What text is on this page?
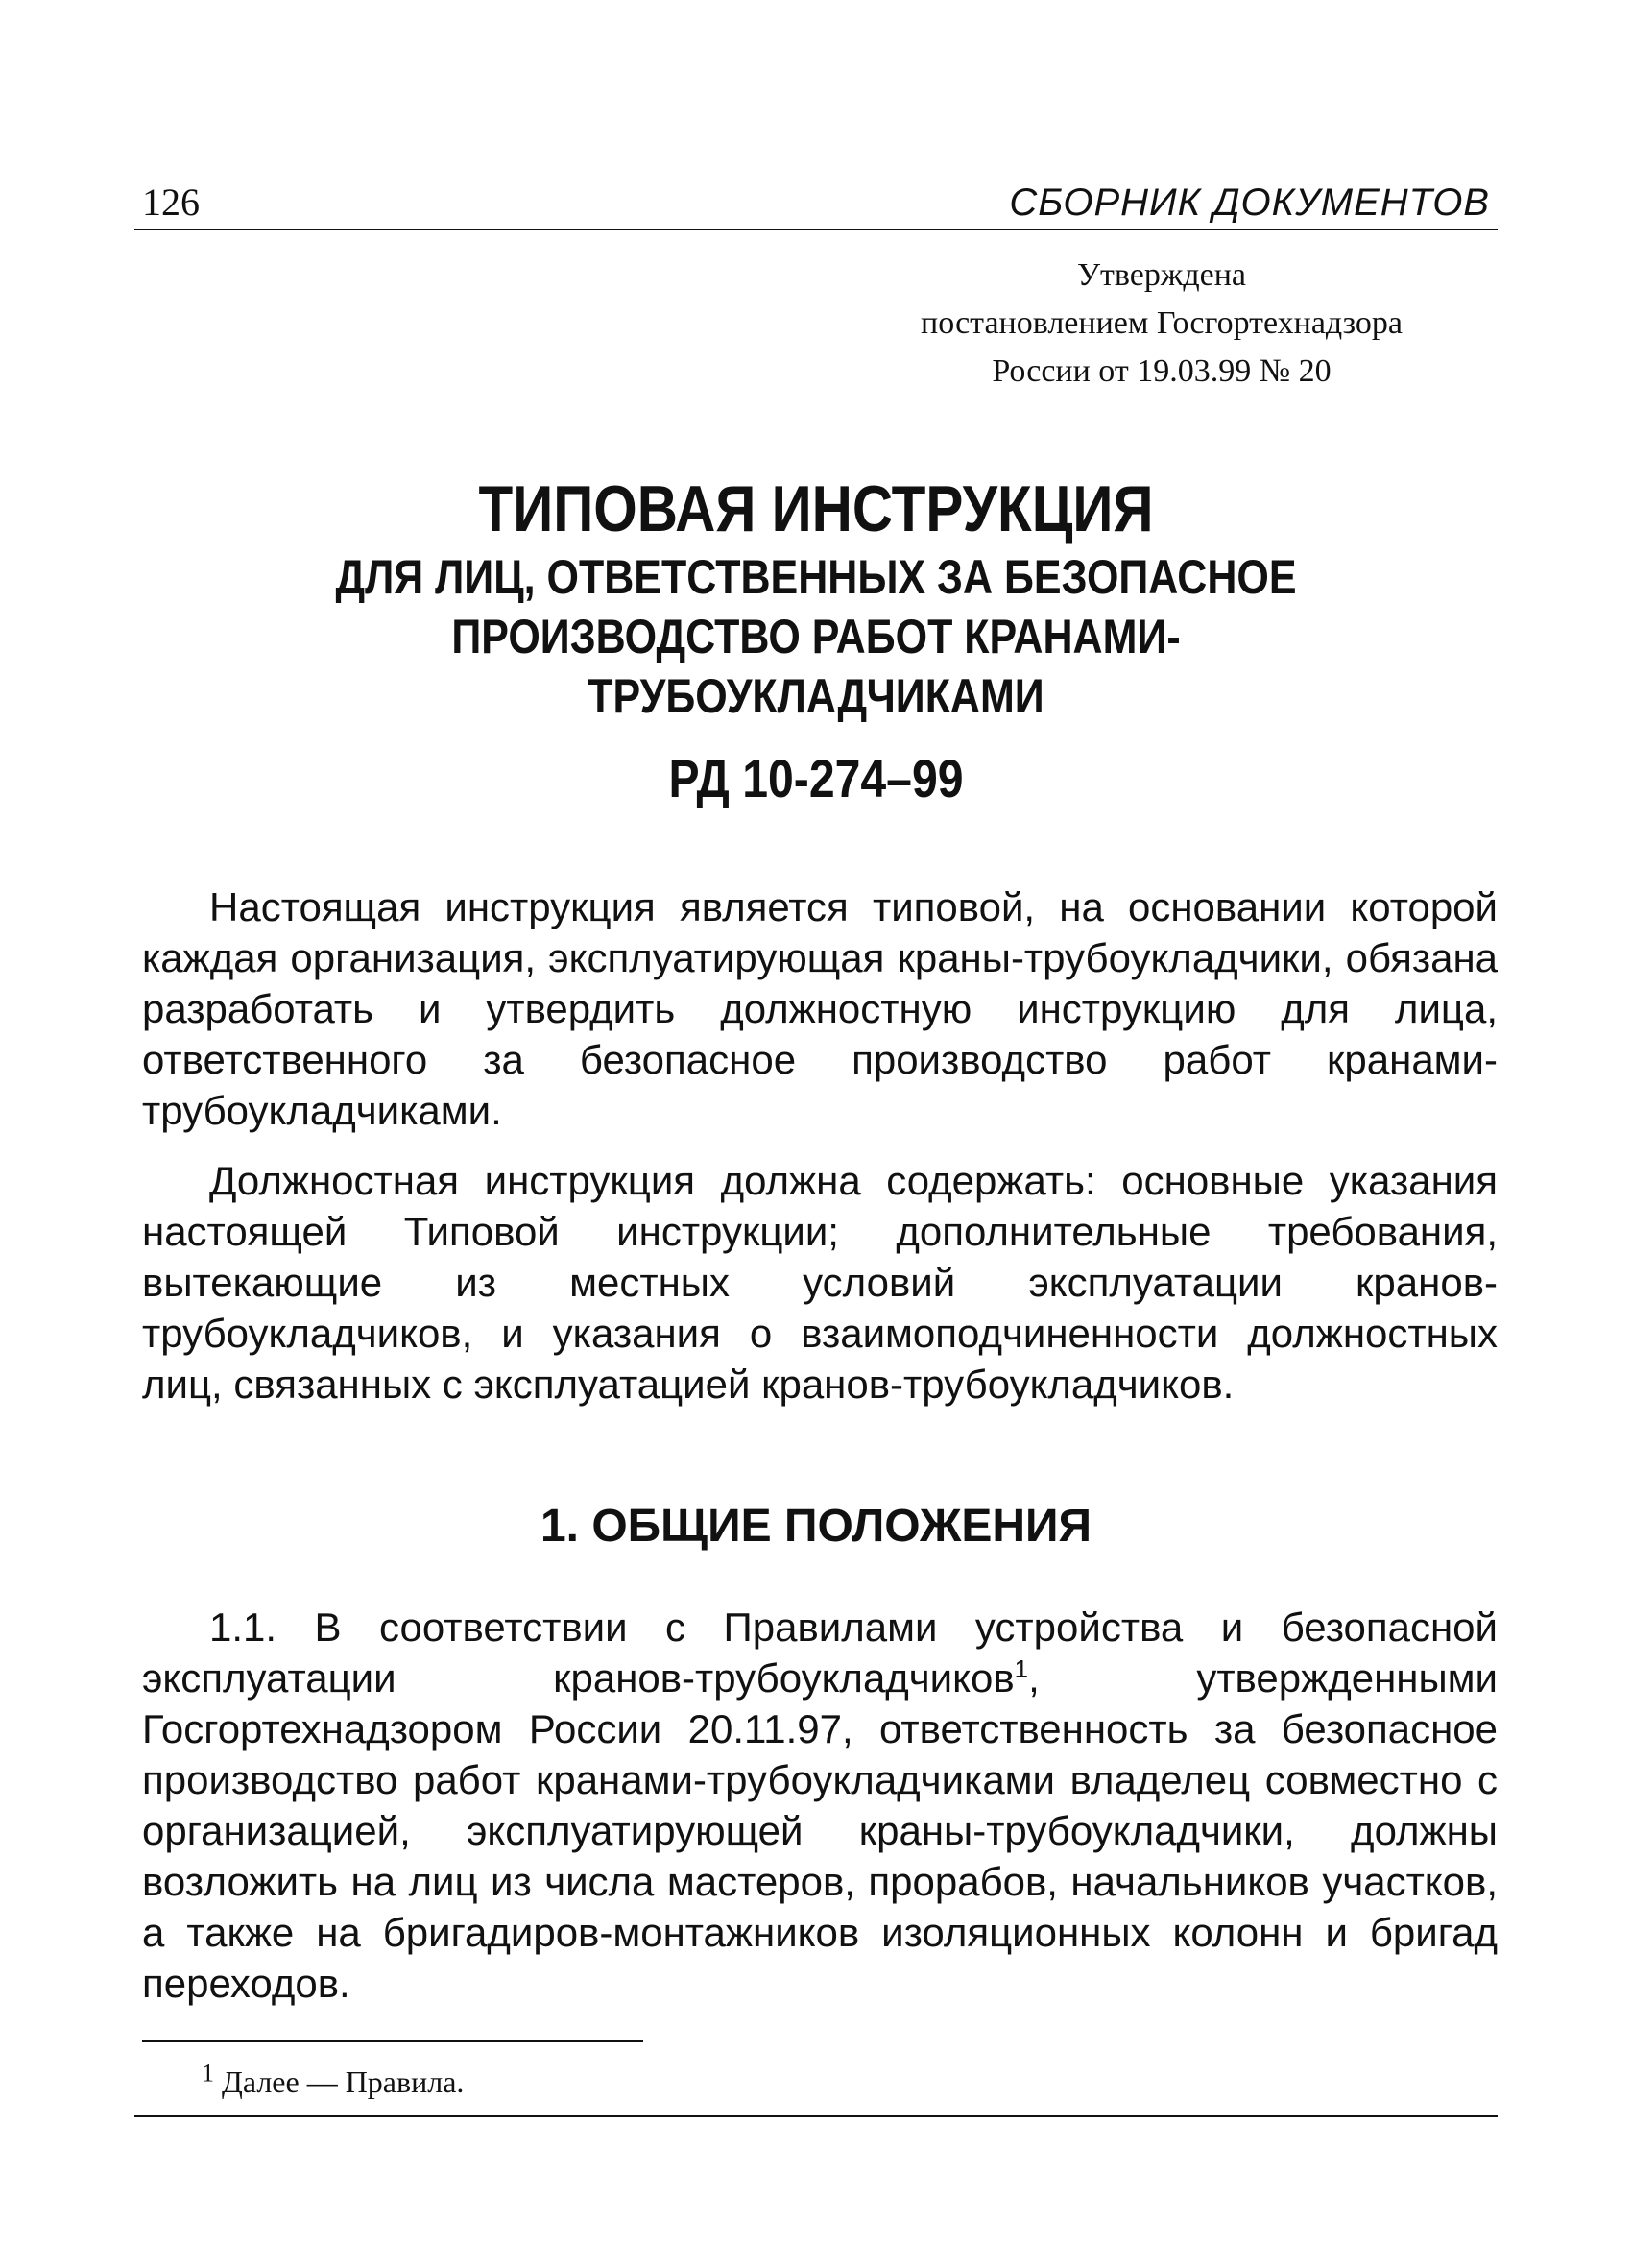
126	СБОРНИК ДОКУМЕНТОВ
Утверждена
постановлением Госгортехнадзора
России от 19.03.99 № 20
ТИПОВАЯ ИНСТРУКЦИЯ
ДЛЯ ЛИЦ, ОТВЕТСТВЕННЫХ ЗА БЕЗОПАСНОЕ
ПРОИЗВОДСТВО РАБОТ КРАНАМИ-ТРУБОУКЛАДЧИКАМИ
РД 10-274–99

Настоящая инструкция является типовой, на основании которой каждая организация, эксплуатирующая краны-трубоукладчики, обязана разработать и утвердить должностную инструкцию для лица, ответственного за безопасное производство работ кранами-трубоукладчиками.

Должностная инструкция должна содержать: основные указания настоящей Типовой инструкции; дополнительные требования, вытекающие из местных условий эксплуатации кранов-трубоукладчиков, и указания о взаимоподчиненности должностных лиц, связанных с эксплуатацией кранов-трубоукладчиков.

1. ОБЩИЕ ПОЛОЖЕНИЯ

1.1. В соответствии с Правилами устройства и безопасной эксплуатации кранов-трубоукладчиков$^1$, утвержденными Госгортехнадзором России 20.11.97, ответственность за безопасное производство работ кранами-трубоукладчиками владелец совместно с организацией, эксплуатирующей краны-трубоукладчики, должны возложить на лиц из числа мастеров, прорабов, начальников участков, а также на бригадиров-монтажников изоляционных колонн и бригад переходов.

$^1$ Далее — Правила.
